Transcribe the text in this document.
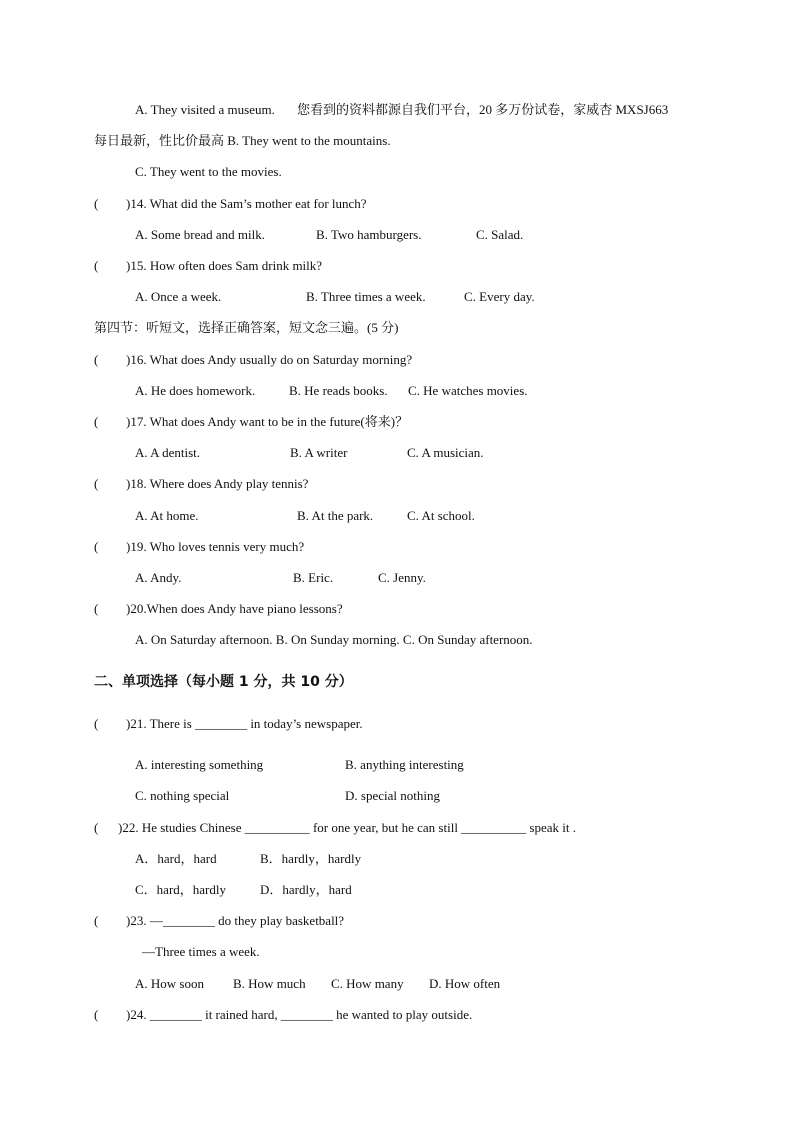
A. They visited a museum. 您看到的资料都源自我们平台，20 多万份试卷，家威杏 MXSJ663
每日最新，性比价最高 B. They went to the mountains.
C. They went to the movies.
( )14. What did the Sam’s mother eat for lunch?
A. Some bread and milk.	B. Two hamburgers.	C. Salad.
( )15. How often does Sam drink milk?
A. Once a week.	B. Three times a week.	C. Every day.
第四节：听短文，选择正确答案，短文念三遍。(5 分)
( )16. What does Andy usually do on Saturday morning?
A. He does homework.	B. He reads books. C. He watches movies.
( )17. What does Andy want to be in the future(将来)？
A. A dentist.	B. A writer	C. A musician.
( )18. Where does Andy play tennis?
A. At home.	B. At the park.	C. At school.
( )19. Who loves tennis very much?
A. Andy.	B. Eric.	C. Jenny.
( )20.When does Andy have piano lessons?
A. On Saturday afternoon. B. On Sunday morning. C. On Sunday afternoon.
二、单项选择（每小题 1 分，共 10 分）
( )21. There is ________ in today’s newspaper.
A. interesting something	B. anything interesting
C. nothing special	D. special nothing
( )22. He studies Chinese __________ for one year, but he can still __________ speak it .
A．hard，hard	B．hardly，hardly
C．hard，hardly	D．hardly，hard
( )23. —________ do they play basketball?
—Three times a week.
A. How soon B. How much C. How many D. How often
( )24. ________ it rained hard, ________ he wanted to play outside.
